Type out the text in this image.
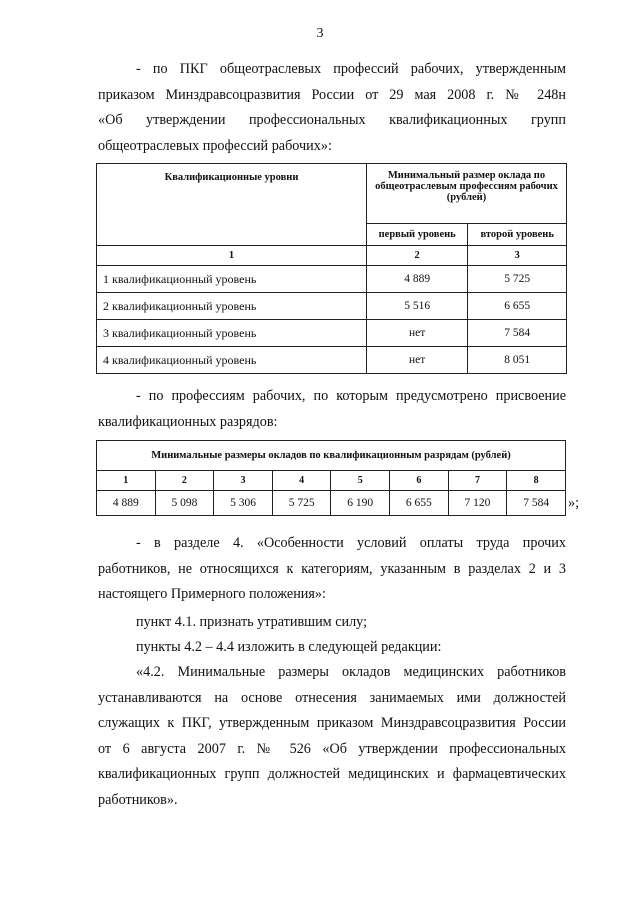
3
- по ПКГ общеотраслевых профессий рабочих, утвержденным
приказом Минздравсоцразвития России от 29 мая 2008 г. № 248н
«Об утверждении профессиональных квалификационных групп
общеотраслевых профессий рабочих»:
Квалификационные уровни	Минимальный размер оклада по общеотраслевым профессиям рабочих (рублей)	
	первый уровень	второй уровень
1	2	3
1 квалификационный уровень	4 889	5 725
2 квалификационный уровень	5 516	6 655
3 квалификационный уровень	нет	7 584
4 квалификационный уровень	нет	8 051
- по профессиям рабочих, по которым предусмотрено присвоение
квалификационных разрядов:
Минимальные размеры окладов по квалификационным разрядам (рублей)							
1	2	3	4	5	6	7	8
4 889	5 098	5 306	5 725	6 190	6 655	7 120	7 584 »;
- в разделе 4. «Особенности условий оплаты труда прочих
работников, не относящихся к категориям, указанным в разделах 2 и 3
настоящего Примерного положения»:
пункт 4.1. признать утратившим силу;
пункты 4.2 – 4.4 изложить в следующей редакции:
«4.2. Минимальные размеры окладов медицинских работников
устанавливаются на основе отнесения занимаемых ими должностей
служащих к ПКГ, утвержденным приказом Минздравсоцразвития России
от 6 августа 2007 г. № 526 «Об утверждении профессиональных
квалификационных групп должностей медицинских и фармацевтических
работников».
